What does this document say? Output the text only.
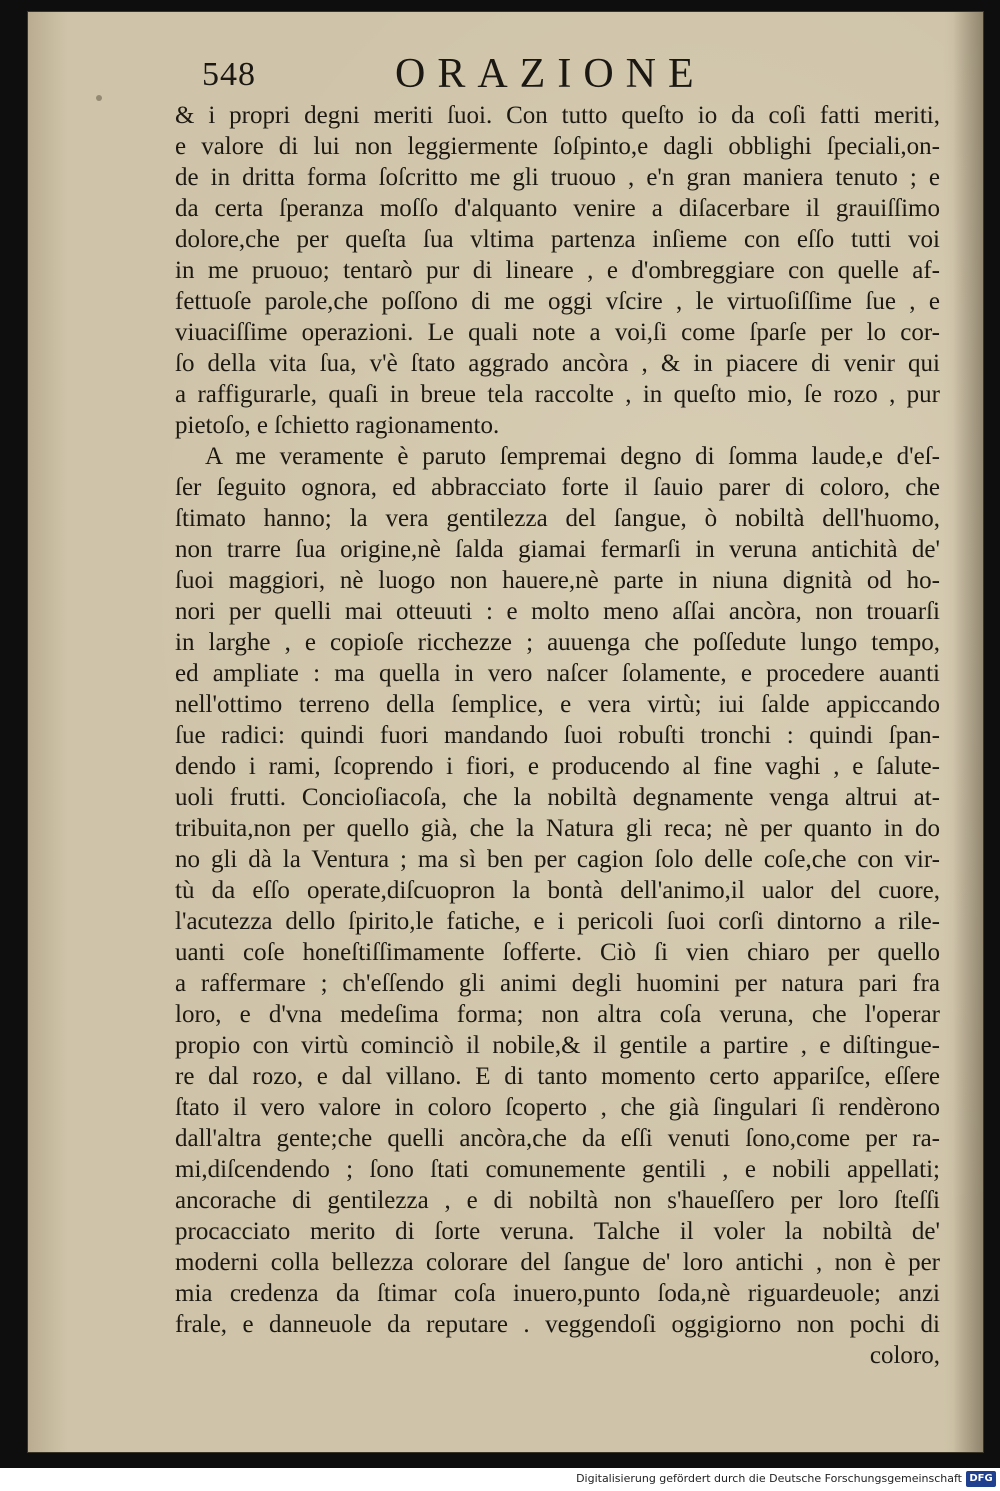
548	ORAZIONE
& i propri degni meriti ſuoi. Con tutto queſto io da coſi fatti meriti,
e valore di lui non leggiermente ſoſpinto,e dagli obblighi ſpeciali,on-
de in dritta forma ſoſcritto me gli truouo , e'n gran maniera tenuto ; e
da certa ſperanza moſſo d'alquanto venire a diſacerbare il grauiſſimo
dolore,che per queſta ſua vltima partenza inſieme con eſſo tutti voi
in me pruouo; tentarò pur di lineare , e d'ombreggiare con quelle af-
fettuoſe parole,che poſſono di me oggi vſcire , le virtuoſiſſime ſue , e
viuaciſſime operazioni. Le quali note a voi,ſi come ſparſe per lo cor-
ſo della vita ſua, v'è ſtato aggrado ancòra , & in piacere di venir qui
a raffigurarle, quaſi in breue tela raccolte , in queſto mio, ſe rozo , pur
pietoſo, e ſchietto ragionamento.
A me veramente è paruto ſempremai degno di ſomma laude,e d'eſ-
ſer ſeguito ognora, ed abbracciato forte il ſauio parer di coloro, che
ſtimato hanno; la vera gentilezza del ſangue, ò nobiltà dell'huomo,
non trarre ſua origine,nè ſalda giamai fermarſi in veruna antichità de'
ſuoi maggiori, nè luogo non hauere,nè parte in niuna dignità od ho-
nori per quelli mai otteuuti : e molto meno aſſai ancòra, non trouarſi
in larghe , e copioſe ricchezze ; auuenga che poſſedute lungo tempo,
ed ampliate : ma quella in vero naſcer ſolamente, e procedere auanti
nell'ottimo terreno della ſemplice, e vera virtù; iui ſalde appiccando
ſue radici: quindi fuori mandando ſuoi robuſti tronchi : quindi ſpan-
dendo i rami, ſcoprendo i fiori, e producendo al fine vaghi , e ſalute-
uoli frutti. Concioſiacoſa, che la nobiltà degnamente venga altrui at-
tribuita,non per quello già, che la Natura gli reca; nè per quanto in do
no gli dà la Ventura ; ma sì ben per cagion ſolo delle coſe,che con vir-
tù da eſſo operate,diſcuopron la bontà dell'animo,il ualor del cuore,
l'acutezza dello ſpirito,le fatiche, e i pericoli ſuoi corſi dintorno a rile-
uanti coſe honeſtiſſimamente ſofferte. Ciò ſi vien chiaro per quello
a raffermare ; ch'eſſendo gli animi degli huomini per natura pari fra
loro, e d'vna medeſima forma; non altra coſa veruna, che l'operar
propio con virtù cominciò il nobile,& il gentile a partire , e diſtingue-
re dal rozo, e dal villano. E di tanto momento certo appariſce, eſſere
ſtato il vero valore in coloro ſcoperto , che già ſingulari ſi rendèrono
dall'altra gente;che quelli ancòra,che da eſſi venuti ſono,come per ra-
mi,diſcendendo ; ſono ſtati comunemente gentili , e nobili appellati;
ancorache di gentilezza , e di nobiltà non s'haueſſero per loro ſteſſi
procacciato merito di ſorte veruna. Talche il voler la nobiltà de'
moderni colla bellezza colorare del ſangue de' loro antichi , non è per
mia credenza da ſtimar coſa inuero,punto ſoda,nè riguardeuole; anzi
frale, e danneuole da reputare . veggendoſi oggigiorno non pochi di
coloro,
Digitalisierung gefördert durch die Deutsche Forschungsgemeinschaft DFG
